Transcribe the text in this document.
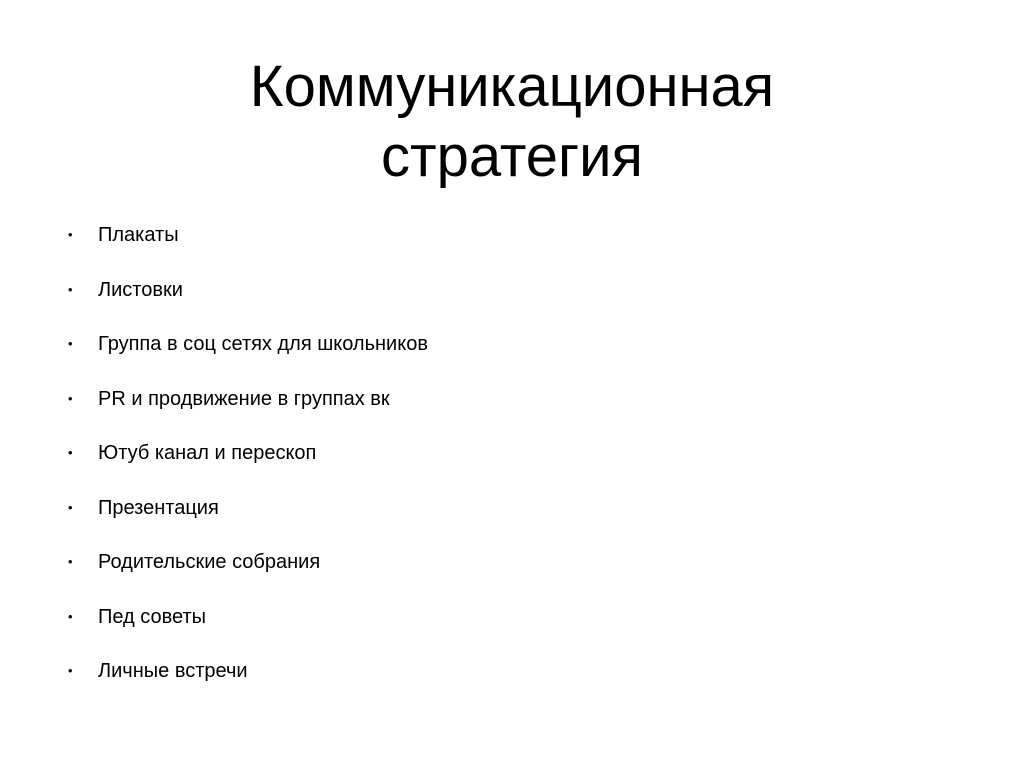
Коммуникационная
стратегия
• Плакаты
• Листовки
• Группа в соц сетях для школьников
• PR и продвижение в группах вк
• Ютуб канал и перескоп
• Презентация
• Родительские собрания
• Пед советы
• Личные встречи
